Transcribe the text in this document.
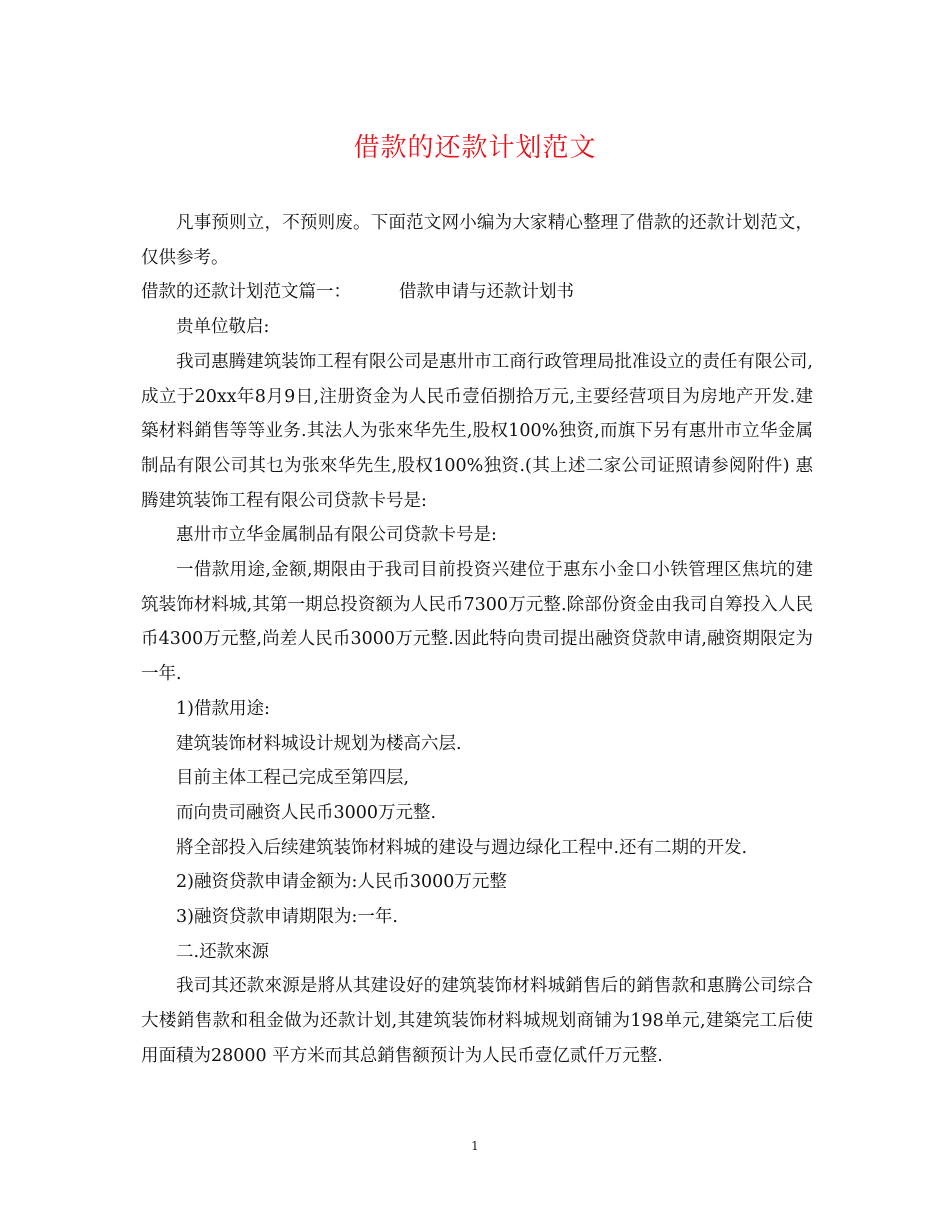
借款的还款计划范文

凡事预则立，不预则废。下面范文网小编为大家精心整理了借款的还款计划范文，仅供参考。

借款的还款计划范文篇一：	借款申请与还款计划书

贵单位敬启:

我司惠腾建筑装饰工程有限公司是惠卅市工商行政管理局批准设立的责任有限公司,成立于20xx年8月9日,注册资金为人民币壹佰捌拾万元,主要经营项目为房地产开发.建築材料銷售等等业务.其法人为张來华先生,股权100%独资,而旗下另有惠卅市立华金属制品有限公司其乜为张來华先生,股权100%独资.(其上述二家公司证照请参阅附件) 惠腾建筑装饰工程有限公司贷款卡号是:

惠卅市立华金属制品有限公司贷款卡号是:

一借款用途,金额,期限由于我司目前投资兴建位于惠东小金口小铁管理区焦坑的建筑装饰材料城,其第一期总投资额为人民币7300万元整.除部份资金由我司自筹投入人民币4300万元整,尚差人民币3000万元整.因此特向贵司提出融资贷款申请,融资期限定为一年.

1)借款用途:

建筑装饰材料城设计规划为楼高六层.

目前主体工程己完成至第四层,

而向贵司融资人民币3000万元整.

將全部投入后续建筑装饰材料城的建设与週边绿化工程中.还有二期的开发.

2)融资贷款申请金额为:人民币3000万元整

3)融资贷款申请期限为:一年.

二.还款來源

我司其还款來源是將从其建设好的建筑装饰材料城銷售后的銷售款和惠腾公司综合大楼銷售款和租金做为还款计划,其建筑装饰材料城规划商铺为198单元,建築完工后使用面積为28000 平方米而其总銷售额预计为人民币壹亿贰仟万元整.

1
